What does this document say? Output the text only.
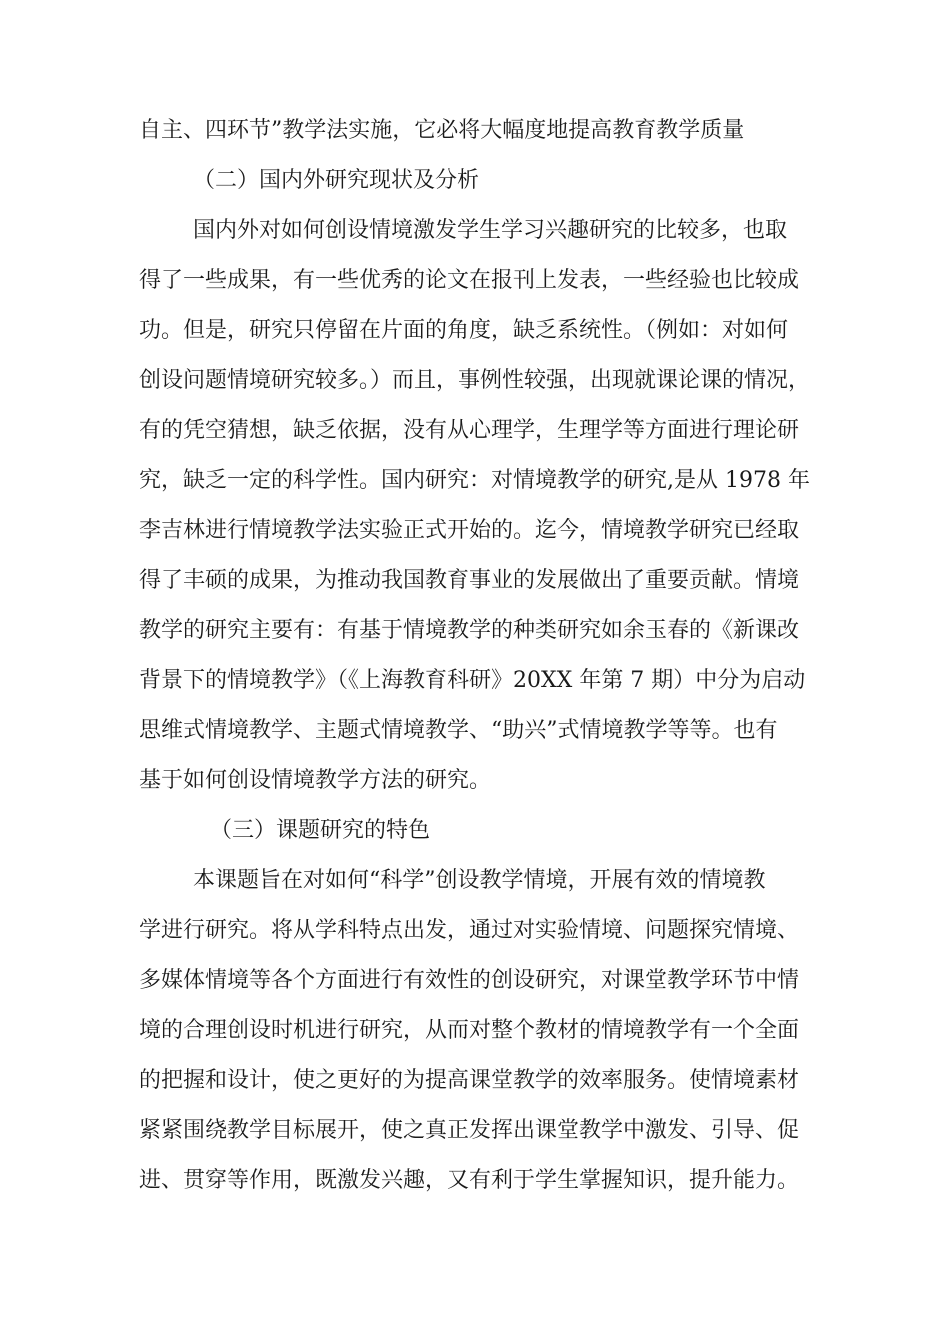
自主、四环节”教学法实施，它必将大幅度地提高教育教学质量
（二）国内外研究现状及分析
国内外对如何创设情境激发学生学习兴趣研究的比较多，也取
得了一些成果，有一些优秀的论文在报刊上发表，一些经验也比较成
功。但是，研究只停留在片面的角度，缺乏系统性。（例如：对如何
创设问题情境研究较多。）而且，事例性较强，出现就课论课的情况，
有的凭空猜想，缺乏依据，没有从心理学，生理学等方面进行理论研
究，缺乏一定的科学性。国内研究：对情境教学的研究,是从 1978 年
李吉林进行情境教学法实验正式开始的。迄今，情境教学研究已经取
得了丰硕的成果，为推动我国教育事业的发展做出了重要贡献。情境
教学的研究主要有：有基于情境教学的种类研究如余玉春的《新课改
背景下的情境教学》（《上海教育科研》20XX 年第 7 期）中分为启动
思维式情境教学、主题式情境教学、“助兴”式情境教学等等。也有
基于如何创设情境教学方法的研究。
（三）课题研究的特色
本课题旨在对如何“科学”创设教学情境，开展有效的情境教
学进行研究。将从学科特点出发，通过对实验情境、问题探究情境、
多媒体情境等各个方面进行有效性的创设研究，对课堂教学环节中情
境的合理创设时机进行研究，从而对整个教材的情境教学有一个全面
的把握和设计，使之更好的为提高课堂教学的效率服务。使情境素材
紧紧围绕教学目标展开，使之真正发挥出课堂教学中激发、引导、促
进、贯穿等作用，既激发兴趣，又有利于学生掌握知识，提升能力。
